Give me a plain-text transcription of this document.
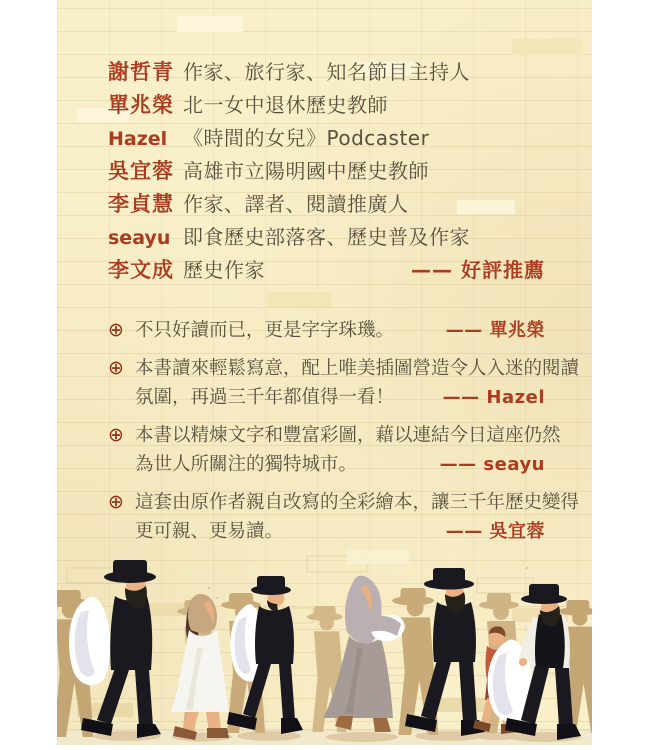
謝哲青 作家、旅行家、知名節目主持人
單兆榮 北一女中退休歷史教師
Hazel 《時間的女兒》Podcaster
吳宜蓉 高雄市立陽明國中歷史教師
李貞慧 作家、譯者、閱讀推廣人
seayu 即食歷史部落客、歷史普及作家
李文成 歷史作家	—— 好評推薦
⊕ 不只好讀而已，更是字字珠璣。	—— 單兆榮
⊕ 本書讀來輕鬆寫意，配上唯美插圖營造令人入迷的閱讀
氛圍，再過三千年都值得一看！	—— Hazel
⊕ 本書以精煉文字和豐富彩圖，藉以連結今日這座仍然
為世人所關注的獨特城市。	—— seayu
⊕ 這套由原作者親自改寫的全彩繪本，讓三千年歷史變得
更可親、更易讀。	—— 吳宜蓉
